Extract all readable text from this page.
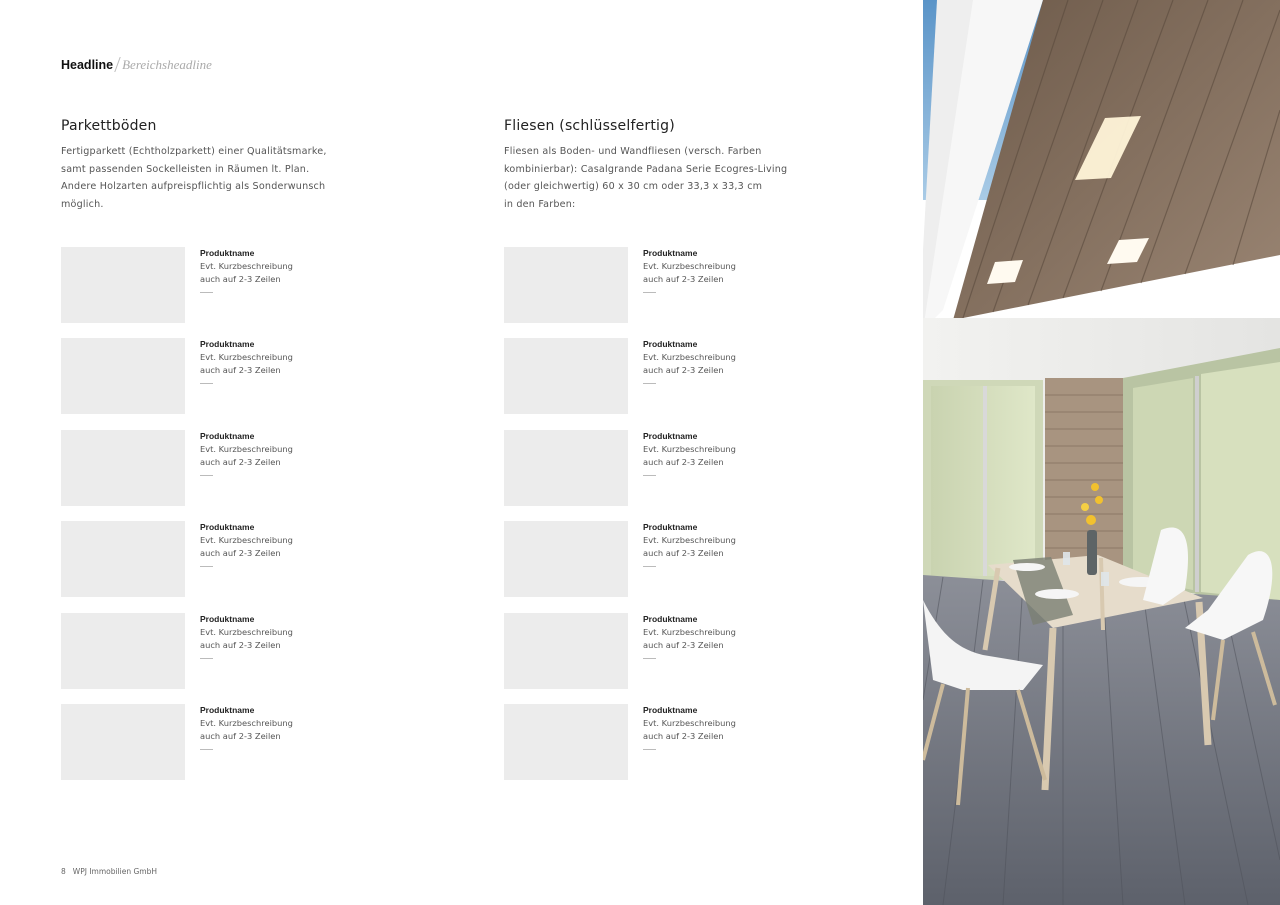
Headline Bereichsheadline
Parkettböden

Fertigparkett (Echtholzparkett) einer Qualitätsmarke,
samt passenden Sockelleisten in Räumen lt. Plan.
Andere Holzarten aufpreispflichtig als Sonderwunsch
möglich.

Fliesen (schlüsselfertig)

Fliesen als Boden- und Wandfliesen (versch. Farben
kombinierbar): Casalgrande Padana Serie Ecogres-Living
(oder gleichwertig) 60 x 30 cm oder 33,3 x 33,3 cm
in den Farben:

Produktname
Evt. Kurzbeschreibung
auch auf 2-3 Zeilen
Produktname
Evt. Kurzbeschreibung
auch auf 2-3 Zeilen
Produktname
Evt. Kurzbeschreibung
auch auf 2-3 Zeilen
Produktname
Evt. Kurzbeschreibung
auch auf 2-3 Zeilen
Produktname
Evt. Kurzbeschreibung
auch auf 2-3 Zeilen
Produktname
Evt. Kurzbeschreibung
auch auf 2-3 Zeilen
Produktname
Evt. Kurzbeschreibung
auch auf 2-3 Zeilen
Produktname
Evt. Kurzbeschreibung
auch auf 2-3 Zeilen
Produktname
Evt. Kurzbeschreibung
auch auf 2-3 Zeilen
Produktname
Evt. Kurzbeschreibung
auch auf 2-3 Zeilen
Produktname
Evt. Kurzbeschreibung
auch auf 2-3 Zeilen
Produktname
Evt. Kurzbeschreibung
auch auf 2-3 Zeilen
8 WPJ Immobilien GmbH
